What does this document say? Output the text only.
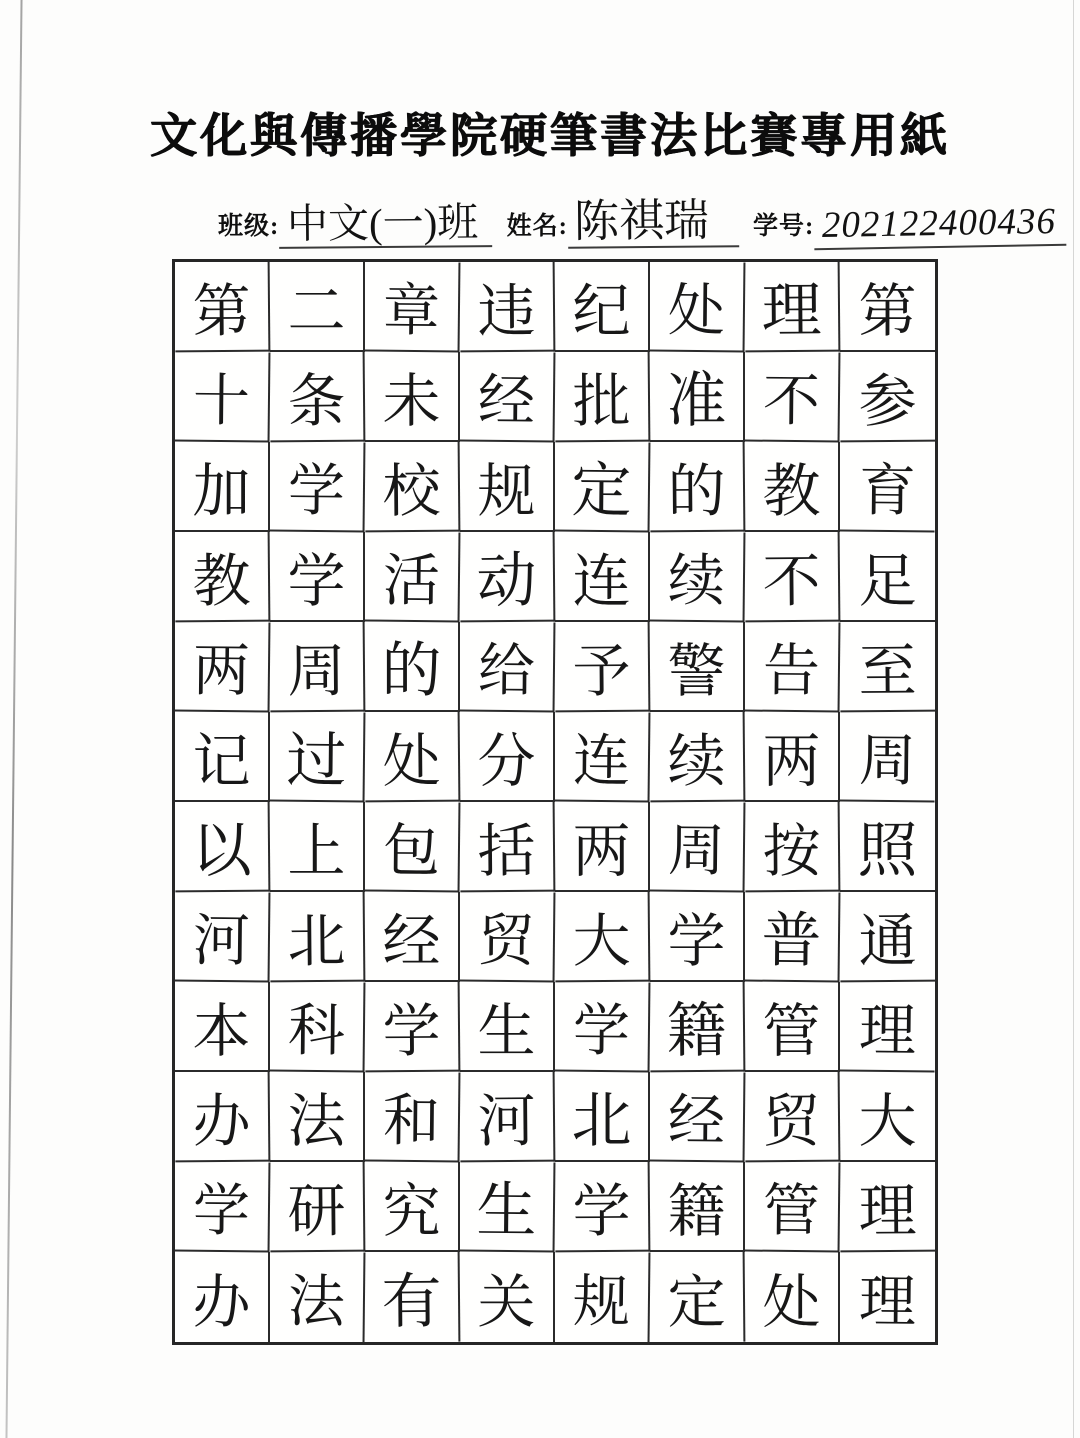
文化與傳播學院硬筆書法比賽專用紙
班级: 中文(一)班	姓名: 陈祺瑞	学号: 202122400436
第 二 章 违 纪 处 理 第
十 条 未 经 批 准 不 参
加 学 校 规 定 的 教 育
教 学 活 动 连 续 不 足
两 周 的 给 予 警 告 至
记 过 处 分 连 续 两 周
以 上 包 括 两 周 按 照
河 北 经 贸 大 学 普 通
本 科 学 生 学 籍 管 理
办 法 和 河 北 经 贸 大
学 研 究 生 学 籍 管 理
办 法 有 关 规 定 处 理
